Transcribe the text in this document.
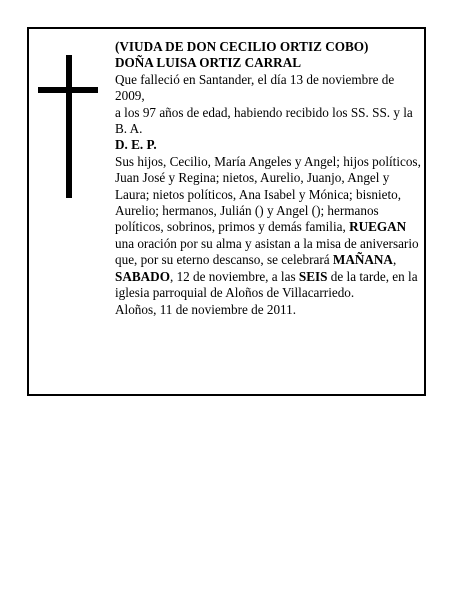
(VIUDA DE DON CECILIO ORTIZ COBO)

DOÑA LUISA ORTIZ CARRAL

Que falleció en Santander, el día 13 de noviembre de 2009,

a los 97 años de edad, habiendo recibido los SS. SS. y la B. A.

D. E. P.

Sus hijos, Cecilio, María Angeles y Angel; hijos políticos, Juan José y Regina; nietos, Aurelio, Juanjo, Angel y Laura; nietos políticos, Ana Isabel y Mónica; bisnieto, Aurelio; hermanos, Julián () y Angel (); hermanos políticos, sobrinos, primos y demás familia, RUEGAN una oración por su alma y asistan a la misa de aniversario que, por su eterno descanso, se celebrará MAÑANA, SABADO, 12 de noviembre, a las SEIS de la tarde, en la iglesia parroquial de Aloños de Villacarriedo.

Aloños, 11 de noviembre de 2011.
